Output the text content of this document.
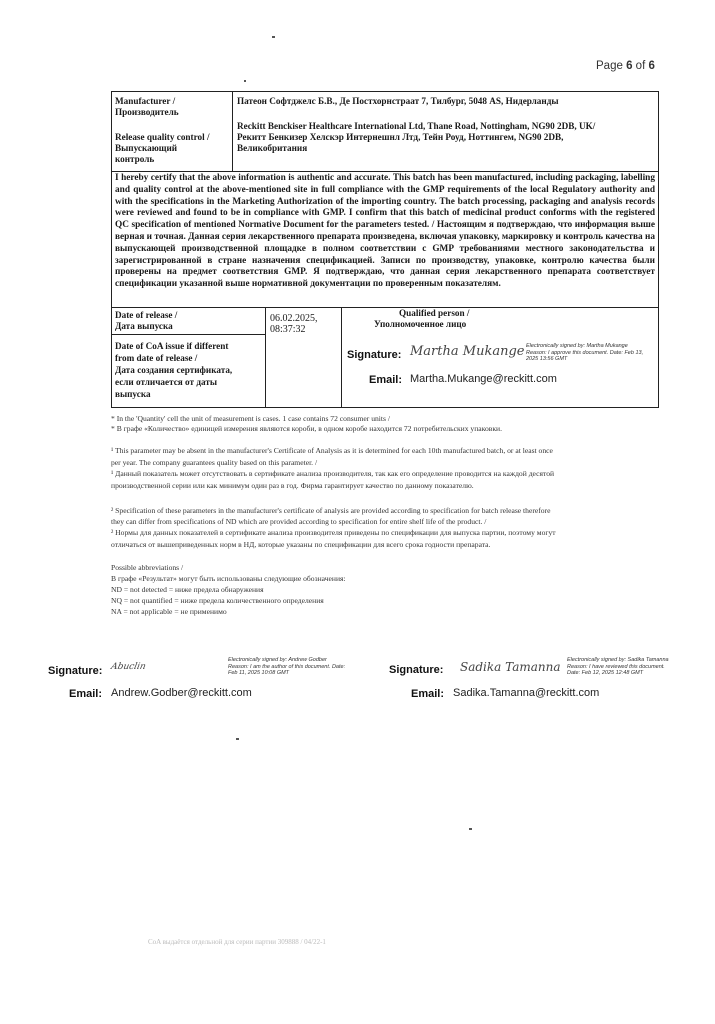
Page 6 of 6
Manufacturer /
Производитель
Патеон Софтджелс Б.В., Де Постхорнстраат 7, Тилбург, 5048 AS, Нидерланды
Release quality control /
Выпускающий
контроль
Reckitt Benckiser Healthcare International Ltd, Thane Road, Nottingham, NG90 2DB, UK/
Рекитт Бенкизер Хелскэр Интернешнл Лтд, Тейн Роуд, Ноттингем, NG90 2DB,
Великобритания
I hereby certify that the above information is authentic and accurate. This batch has been manufactured, including packaging, labelling and quality control at the above-mentioned site in full compliance with the GMP requirements of the local Regulatory authority and with the specifications in the Marketing Authorization of the importing country. The batch processing, packaging and analysis records were reviewed and found to be in compliance with GMP. I confirm that this batch of medicinal product conforms with the registered QC specification of mentioned Normative Document for the parameters tested. / Настоящим я подтверждаю, что информация выше верная и точная. Данная серия лекарственного препарата произведена, включая упаковку, маркировку и контроль качества на выпускающей производственной площадке в полном соответствии с GMP требованиями местного законодательства и зарегистрированной в стране назначения спецификацией. Записи по производству, упаковке, контролю качества были проверены на предмет соответствия GMP. Я подтверждаю, что данная серия лекарственного препарата соответствует спецификации указанной выше нормативной документации по проверенным показателям.
Date of release /
Дата выпуска
06.02.2025,
08:37:32
Qualified person /
Уполномоченное лицо
Date of CoA issue if different
from date of release /
Дата создания сертификата,
если отличается от даты
выпуска
Signature: Martha Mukange Electronically signed by: Martha Mukange Reason: I approve this document. Date: Feb 13, 2025 13:56 GMT
Email: Martha.Mukange@reckitt.com
* In the 'Quantity' cell the unit of measurement is cases. 1 case contains 72 consumer units /
* В графе «Количество» единицей измерения являются короби, в одном коробе находится 72 потребительских упаковки.
¹ This parameter may be absent in the manufacturer's Certificate of Analysis as it is determined for each 10th manufactured batch, or at least once
per year. The company guarantees quality based on this parameter. /
¹ Данный показатель может отсутствовать в сертификате анализа производителя, так как его определение проводится на каждой десятой
производственной серии или как минимум один раз в год. Фирма гарантирует качество по данному показателю.
² Specification of these parameters in the manufacturer's certificate of analysis are provided according to specification for batch release therefore
they can differ from specifications of ND which are provided according to specification for entire shelf life of the product. /
² Нормы для данных показателей в сертификате анализа производителя приведены по спецификации для выпуска партии, поэтому могут
отличаться от вышеприведенных норм в НД, которые указаны по спецификации для всего срока годности препарата.
Possible abbreviations /
В графе «Результат» могут быть использованы следующие обозначения:
ND = not detected = ниже предела обнаружения
NQ = not quantified = ниже предела количественного определения
NA = not applicable = не применимо
Signature: Abuclin
Electronically signed by: Andrew Godber Reason: I am the author of this document. Date: Feb 11, 2025 10:08 GMT
Email: Andrew.Godber@reckitt.com
Signature: Sadika Tamanna Electronically signed by: Sadika Tamanna Reason: I have reviewed this document. Date: Feb 12, 2025 12:48 GMT
Email: Sadika.Tamanna@reckitt.com
CoA выдаётся отдельной для серии партии 309888 / 04/22-1
